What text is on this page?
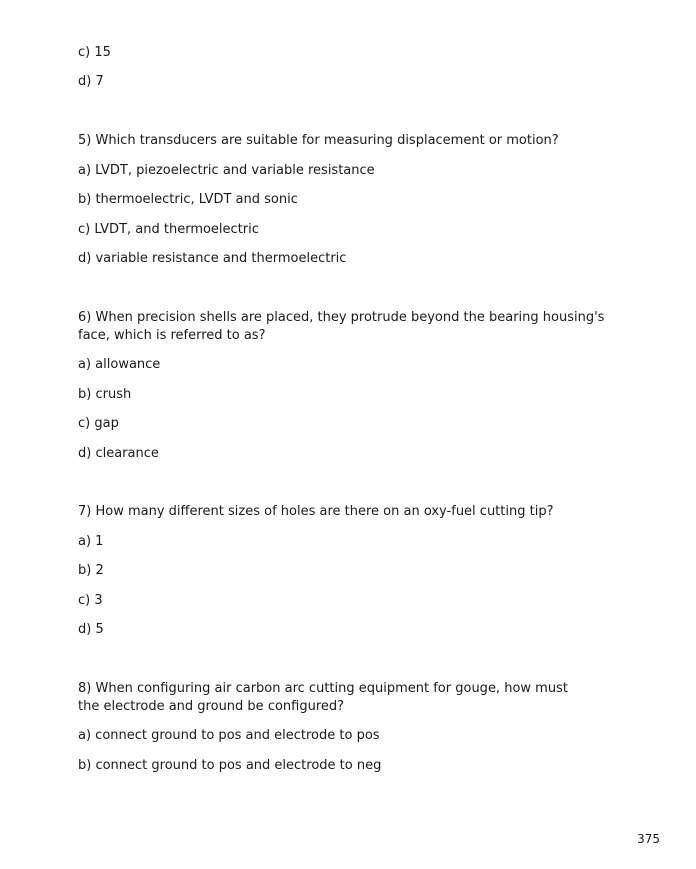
c) 15
d) 7
5) Which transducers are suitable for measuring displacement or motion?
a) LVDT, piezoelectric and variable resistance
b) thermoelectric, LVDT and sonic
c) LVDT, and thermoelectric
d) variable resistance and thermoelectric
6) When precision shells are placed, they protrude beyond the bearing housing's face, which is referred to as?
a) allowance
b) crush
c) gap
d) clearance
7) How many different sizes of holes are there on an oxy-fuel cutting tip?
a) 1
b) 2
c) 3
d) 5
8) When configuring air carbon arc cutting equipment for gouge, how must the electrode and ground be configured?
a) connect ground to pos and electrode to pos
b) connect ground to pos and electrode to neg
375
